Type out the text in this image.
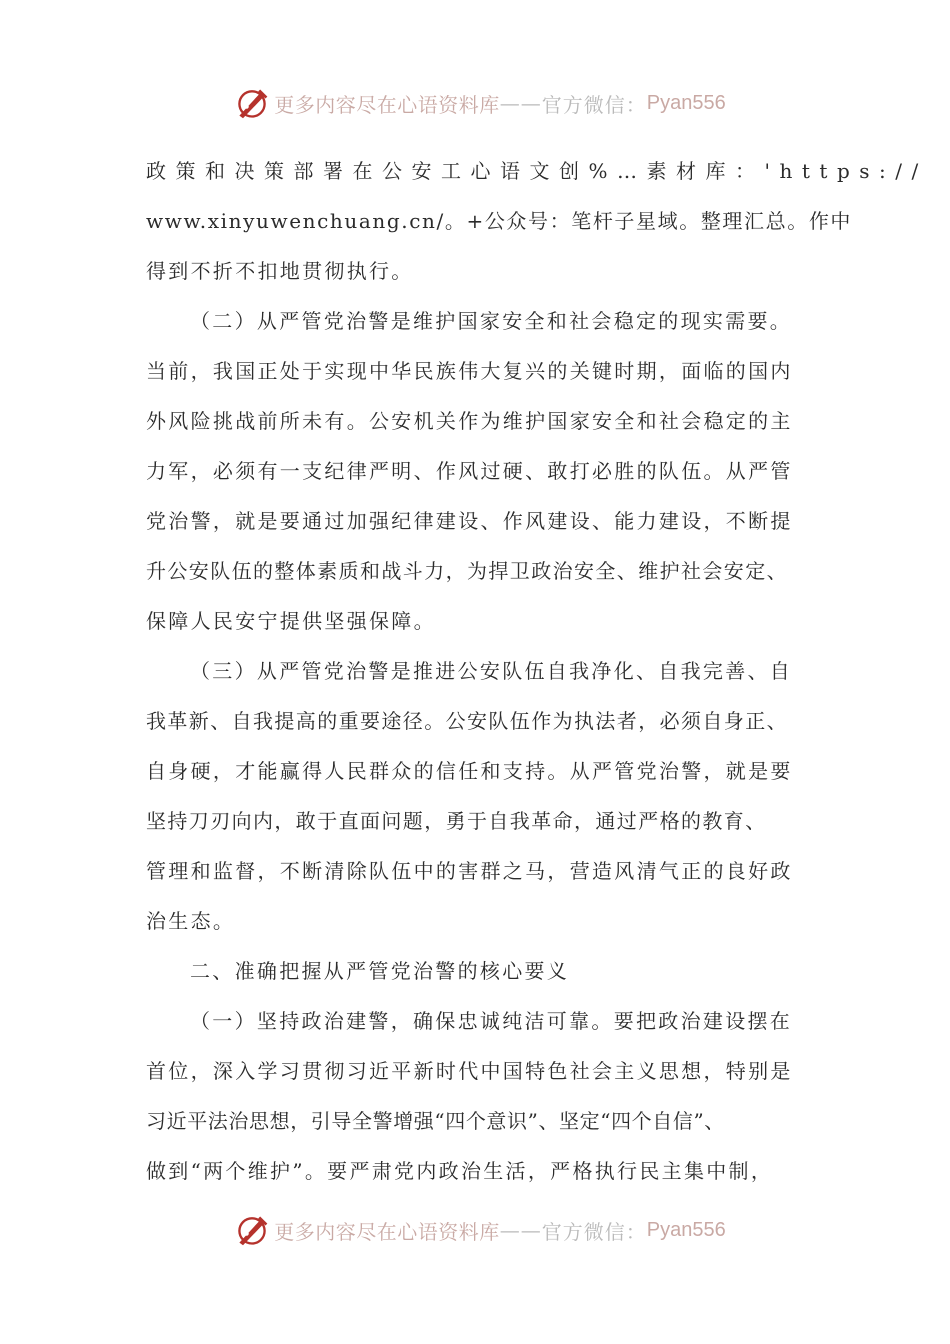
更多内容尽在心语资料库 —— 官方微信： Pyan556
政策和决策部署在公安工心语文创%…素材库：'https://
www.xinyuwenchuang.cn/。+公众号：笔杆子星域。整理汇总。作中
得到不折不扣地贯彻执行。
（二）从严管党治警是维护国家安全和社会稳定的现实需要。
当前，我国正处于实现中华民族伟大复兴的关键时期，面临的国内
外风险挑战前所未有。公安机关作为维护国家安全和社会稳定的主
力军，必须有一支纪律严明、作风过硬、敢打必胜的队伍。从严管
党治警，就是要通过加强纪律建设、作风建设、能力建设，不断提
升公安队伍的整体素质和战斗力，为捍卫政治安全、维护社会安定、
保障人民安宁提供坚强保障。
（三）从严管党治警是推进公安队伍自我净化、自我完善、自
我革新、自我提高的重要途径。公安队伍作为执法者，必须自身正、
自身硬，才能赢得人民群众的信任和支持。从严管党治警，就是要
坚持刀刃向内，敢于直面问题，勇于自我革命，通过严格的教育、
管理和监督，不断清除队伍中的害群之马，营造风清气正的良好政
治生态。
二、准确把握从严管党治警的核心要义
（一）坚持政治建警，确保忠诚纯洁可靠。要把政治建设摆在
首位，深入学习贯彻习近平新时代中国特色社会主义思想，特别是
习近平法治思想，引导全警增强“四个意识”、坚定“四个自信”、
做到“两个维护”。要严肃党内政治生活，严格执行民主集中制，
更多内容尽在心语资料库 —— 官方微信： Pyan556
